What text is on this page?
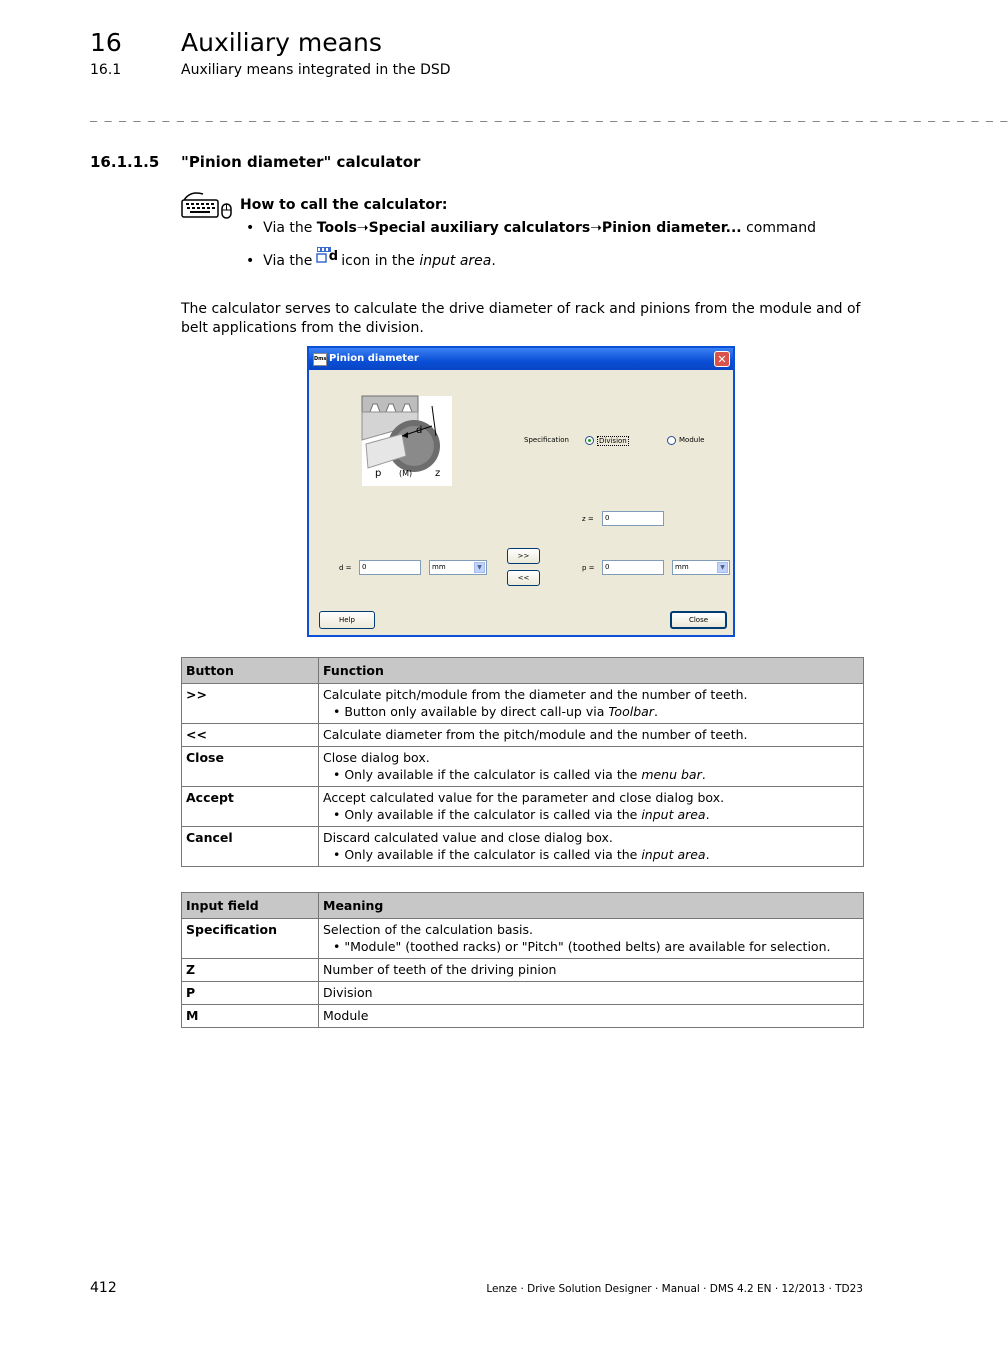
16 Auxiliary means
16.1	Auxiliary means integrated in the DSD
_ _ _ _ _ _ _ _ _ _ _ _ _ _ _ _ _ _ _ _ _ _ _ _ _ _ _ _ _ _ _ _ _ _ _ _ _ _ _ _ _ _ _ _ _ _ _ _ _ _ _ _ _ _ _ _ _ _ _ _ _ _ _ _
16.1.1.5 "Pinion diameter" calculator
How to call the calculator:
•  Via the Tools➝Special auxiliary calculators➝Pinion diameter... command
•  Via the d
icon in the input area.
The calculator serves to calculate the drive diameter of rack and pinions from the module and of belt applications from the division.
Dms Pinion diameter	✕
d
p (M) z
Specification	Division	Module
z =	0
d =	0	mm	▼
>>
<<
p =	0	mm	▼
Help	Close
Button	Function
>>	Calculate pitch/module from the diameter and the number of teeth.
• Button only available by direct call-up via Toolbar.

<<	Calculate diameter from the pitch/module and the number of teeth.
Close	Close dialog box.
• Only available if the calculator is called via the menu bar.

Accept	Accept calculated value for the parameter and close dialog box.
• Only available if the calculator is called via the input area.

Cancel	Discard calculated value and close dialog box.
• Only available if the calculator is called via the input area.
Input field	Meaning
Specification	Selection of the calculation basis.
• "Module" (toothed racks) or "Pitch" (toothed belts) are available for selection.

Z	Number of teeth of the driving pinion
P	Division
M	Module
412	Lenze · Drive Solution Designer · Manual · DMS 4.2 EN · 12/2013 · TD23
